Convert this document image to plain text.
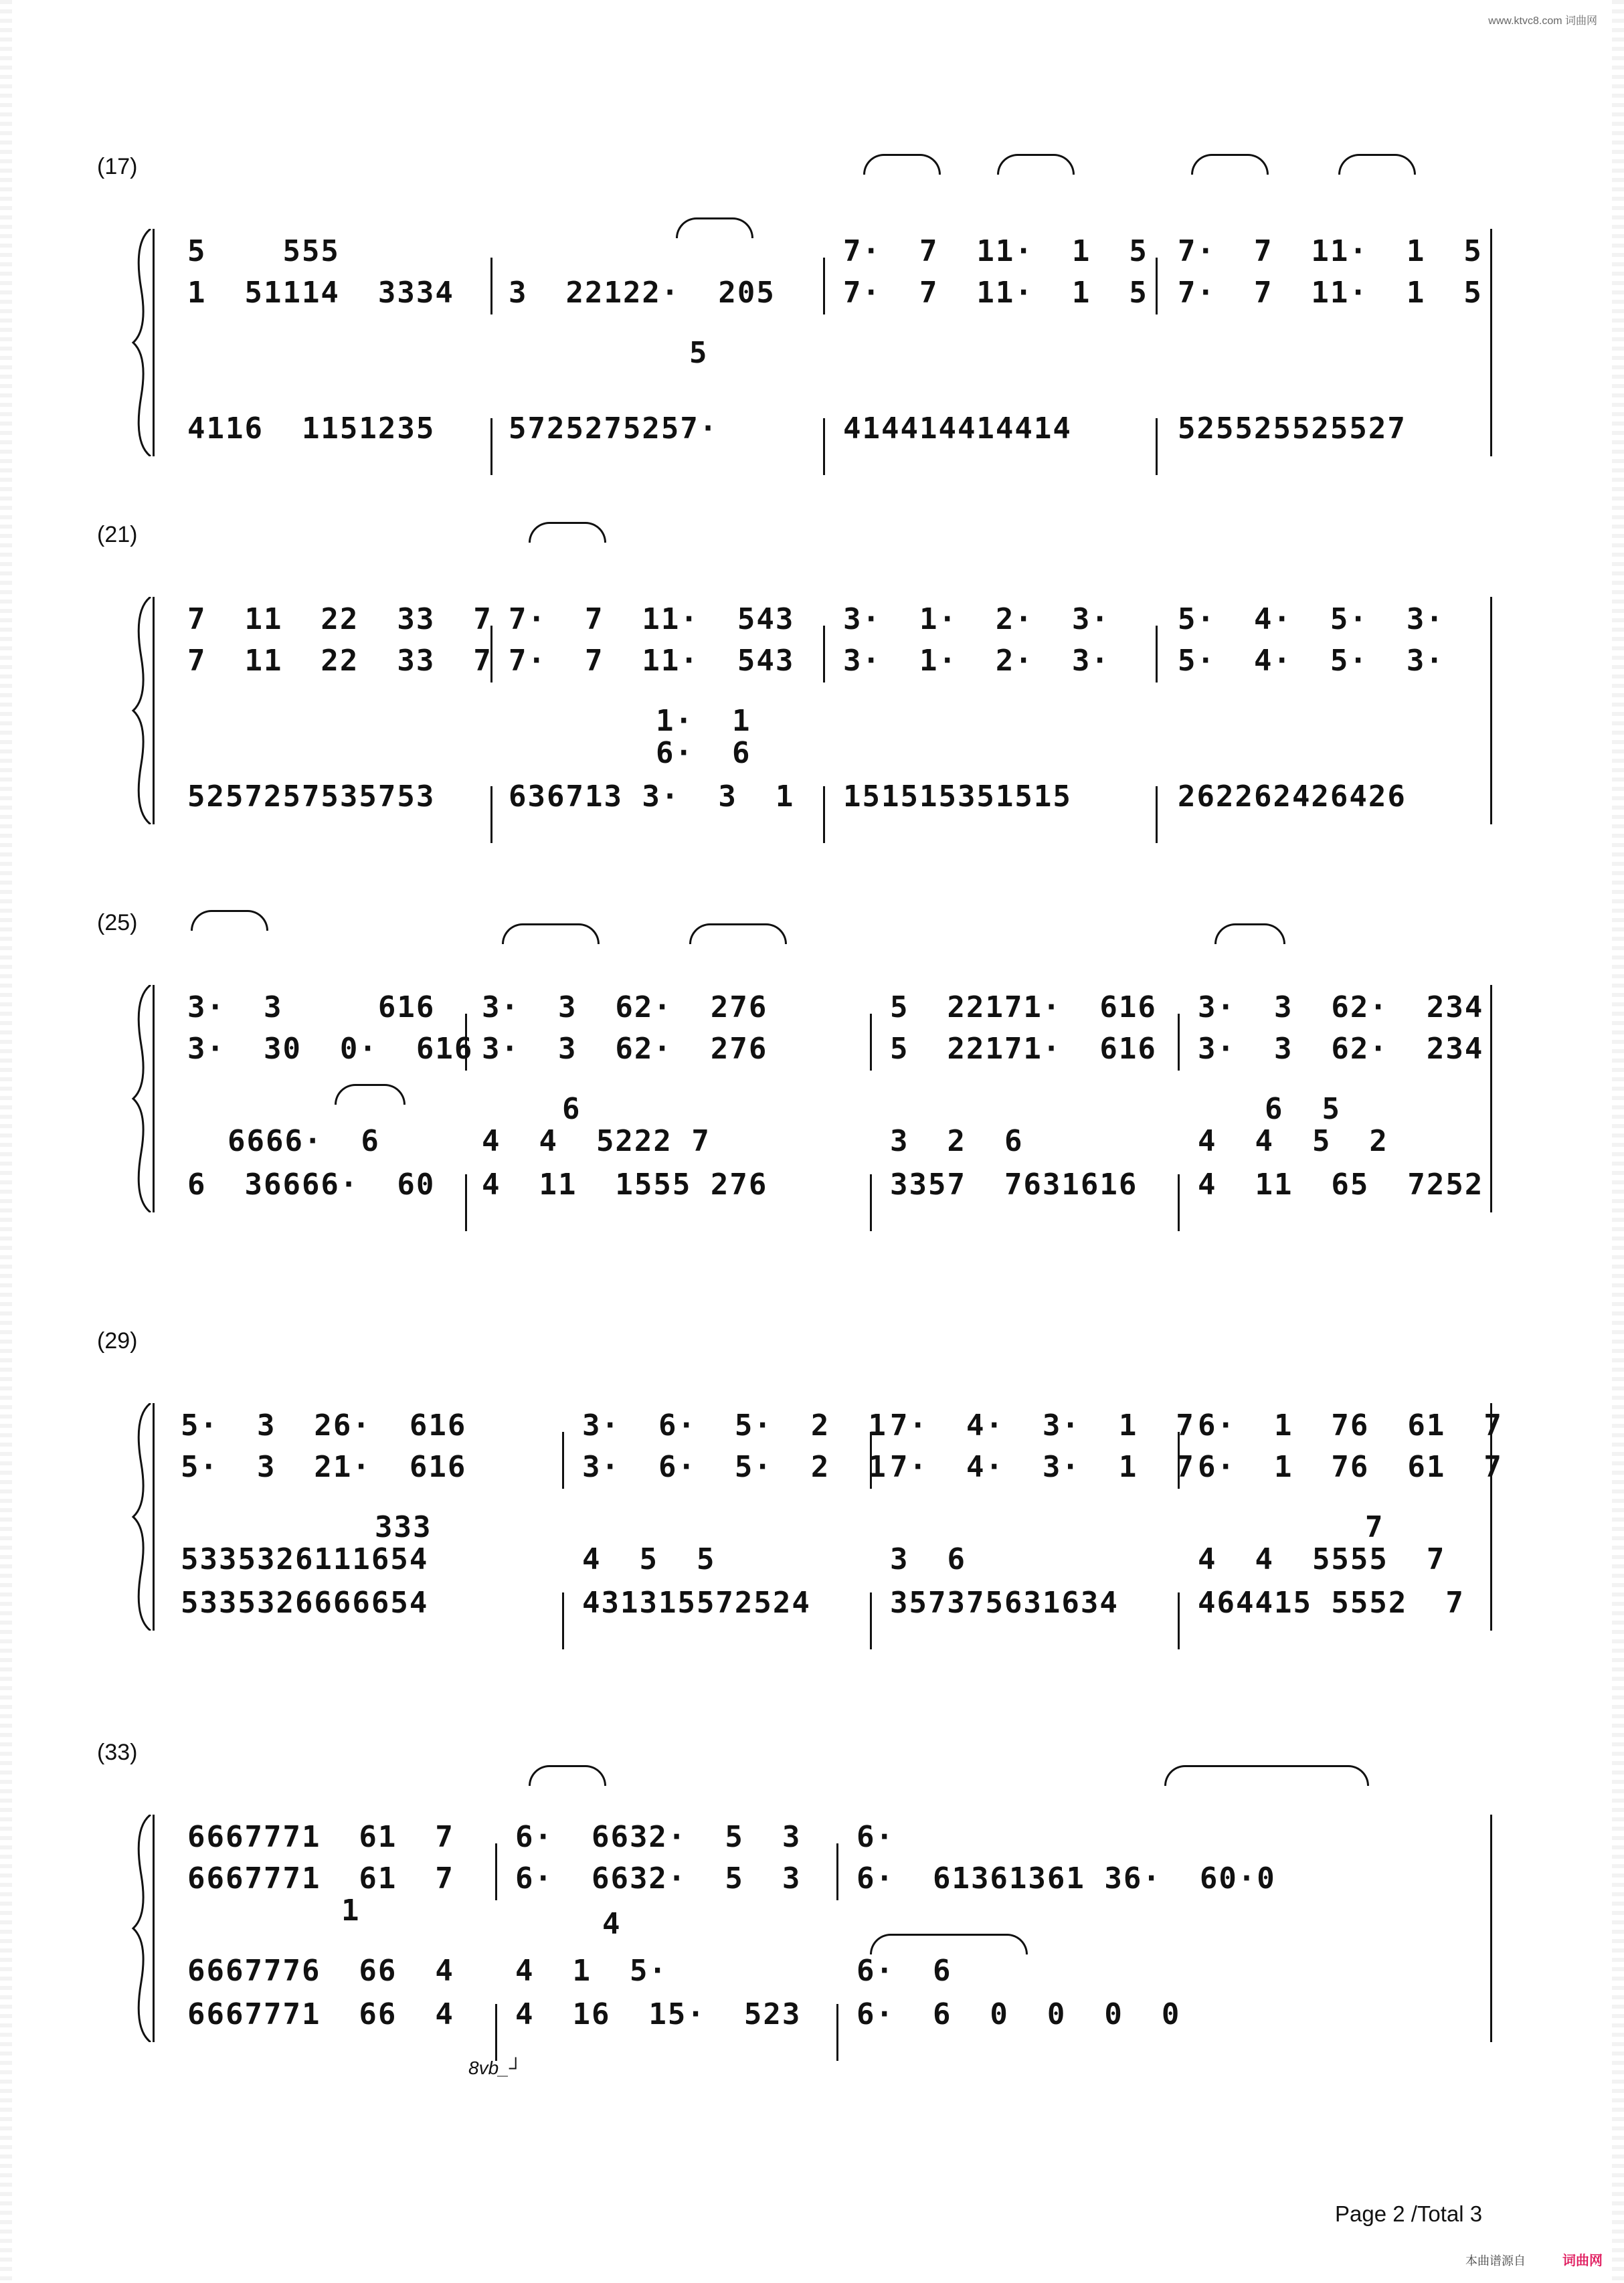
www.ktvc8.com 词曲网
(17)
5    555
1  51114  3334
4116  1151235
3  22122·  205
5
5725275257·
7·  7  11·  1  5
7·  7  11·  1  5
414414414414
7·  7  11·  1  5
7·  7  11·  1  5
525525525527
(21)
7  11  22  33  7
7  11  22  33  7
5257257535753
7·  7  11·  543
7·  7  11·  543
1·  1
6·  6
636713 3·  3  1
3·  1·  2·  3·
3·  1·  2·  3·
151515351515
5·  4·  5·  3·
5·  4·  5·  3·
262262426426
(25)
3·  3     616
3·  30  0·  616
6666·  6
6  36666·  60
3·  3  62·  276
3·  3  62·  276
4  4  5222 7
6
4  11  1555 276
5  22171·  616
5  22171·  616
3  2  6
3357  7631616
3·  3  62·  234
3·  3  62·  234
4  4  5  2
6  5
4  11  65  7252
(29)
5·  3  26·  616
5·  3  21·  616
333
5335326111654
5335326666654
3·  6·  5·  2  1
3·  6·  5·  2  1
4  5  5
431315572524
7·  4·  3·  1  7
7·  4·  3·  1  7
3  6
357375631634
6·  1  76  61  7
6·  1  76  61  7
7
4  4  5555  7
464415 5552  7
(33)
6667771  61  7
6667771  61  7
1
6667776  66  4
6667771  66  4
6·  6632·  5  3
6·  6632·  5  3
4
4  1  5·
4  16  15·  523
6·
6·  61361361 36·  60·0
6·  6
6·  6  0  0  0  0
8vb_┘
Page 2 /Total 3
本曲谱源自	词曲网
